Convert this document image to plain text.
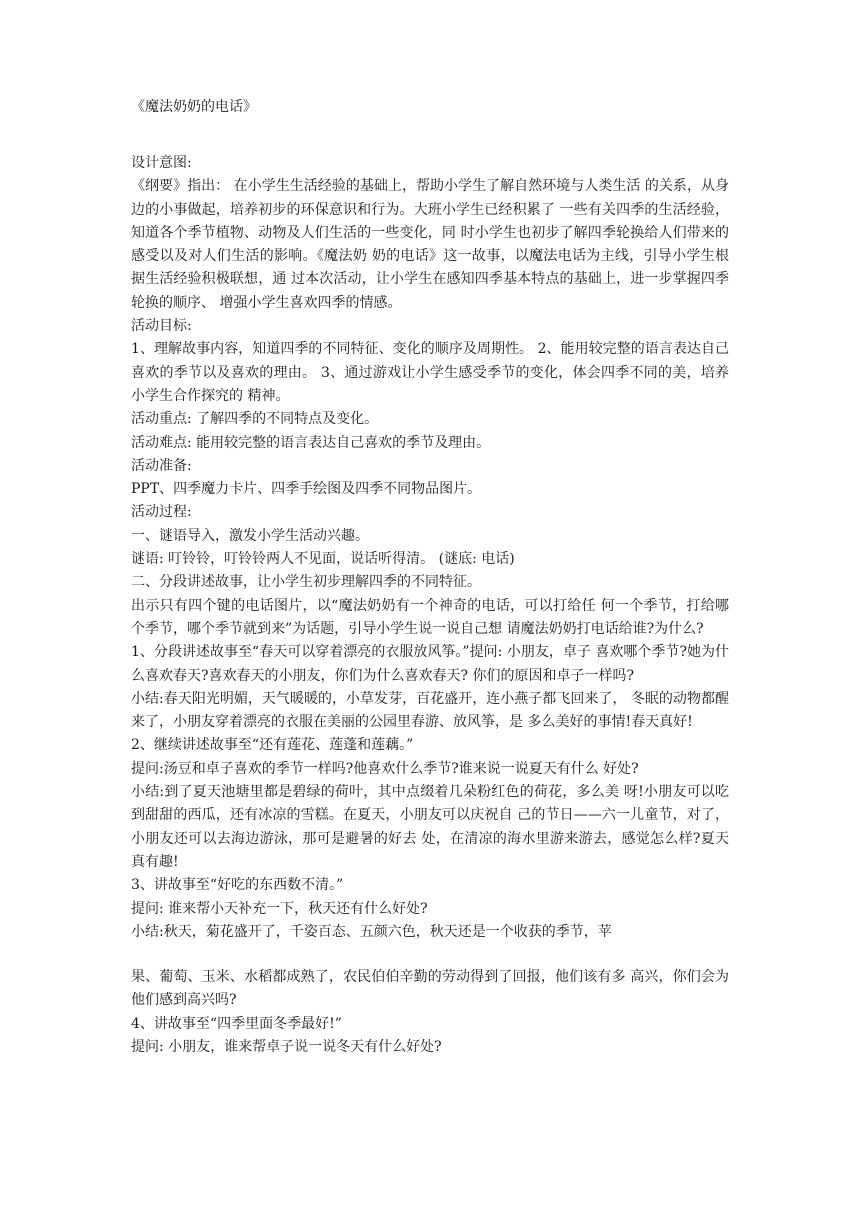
《魔法奶奶的电话》

设计意图:

《纲要》指出： 在小学生生活经验的基础上，帮助小学生了解自然环境与人类生活 的关系，从身边的小事做起，培养初步的环保意识和行为。大班小学生已经积累了 一些有关四季的生活经验，知道各个季节植物、动物及人们生活的一些变化，同 时小学生也初步了解四季轮换给人们带来的感受以及对人们生活的影响。《魔法奶 奶的电话》这一故事，以魔法电话为主线，引导小学生根据生活经验积极联想，通 过本次活动，让小学生在感知四季基本特点的基础上，进一步掌握四季轮换的顺序、 增强小学生喜欢四季的情感。

活动目标:

1、理解故事内容，知道四季的不同特征、变化的顺序及周期性。 2、能用较完整的语言表达自己喜欢的季节以及喜欢的理由。 3、通过游戏让小学生感受季节的变化，体会四季不同的美，培养小学生合作探究的 精神。

活动重点: 了解四季的不同特点及变化。

活动难点: 能用较完整的语言表达自己喜欢的季节及理由。

活动准备:

PPT、四季魔力卡片、四季手绘图及四季不同物品图片。

活动过程:

一、谜语导入，激发小学生活动兴趣。

谜语: 叮铃铃，叮铃铃两人不见面，说话听得清。 (谜底: 电话)

二、分段讲述故事，让小学生初步理解四季的不同特征。

出示只有四个键的电话图片，以“魔法奶奶有一个神奇的电话，可以打给任 何一个季节，打给哪个季节，哪个季节就到来”为话题，引导小学生说一说自己想 请魔法奶奶打电话给谁?为什么?

1、分段讲述故事至“春天可以穿着漂亮的衣服放风筝。”提问: 小朋友，卓子 喜欢哪个季节?她为什么喜欢春天?喜欢春天的小朋友，你们为什么喜欢春天? 你们的原因和卓子一样吗?

小结:春天阳光明媚，天气暖暖的，小草发芽，百花盛开，连小燕子都飞回来了， 冬眠的动物都醒来了，小朋友穿着漂亮的衣服在美丽的公园里春游、放风筝，是 多么美好的事情!春天真好!

2、继续讲述故事至“还有莲花、莲蓬和莲藕。”

提问:汤豆和卓子喜欢的季节一样吗?他喜欢什么季节?谁来说一说夏天有什么 好处?

小结:到了夏天池塘里都是碧绿的荷叶，其中点缀着几朵粉红色的荷花，多么美 呀!小朋友可以吃到甜甜的西瓜，还有冰凉的雪糕。在夏天，小朋友可以庆祝自 己的节日——六一儿童节，对了，小朋友还可以去海边游泳，那可是避暑的好去 处，在清凉的海水里游来游去，感觉怎么样?夏天真有趣!

3、讲故事至“好吃的东西数不清。”

提问: 谁来帮小天补充一下，秋天还有什么好处?

小结:秋天，菊花盛开了，千姿百态、五颜六色，秋天还是一个收获的季节，苹

果、葡萄、玉米、水稻都成熟了，农民伯伯辛勤的劳动得到了回报，他们该有多 高兴，你们会为他们感到高兴吗?

4、讲故事至“四季里面冬季最好!”

提问: 小朋友，谁来帮卓子说一说冬天有什么好处?
